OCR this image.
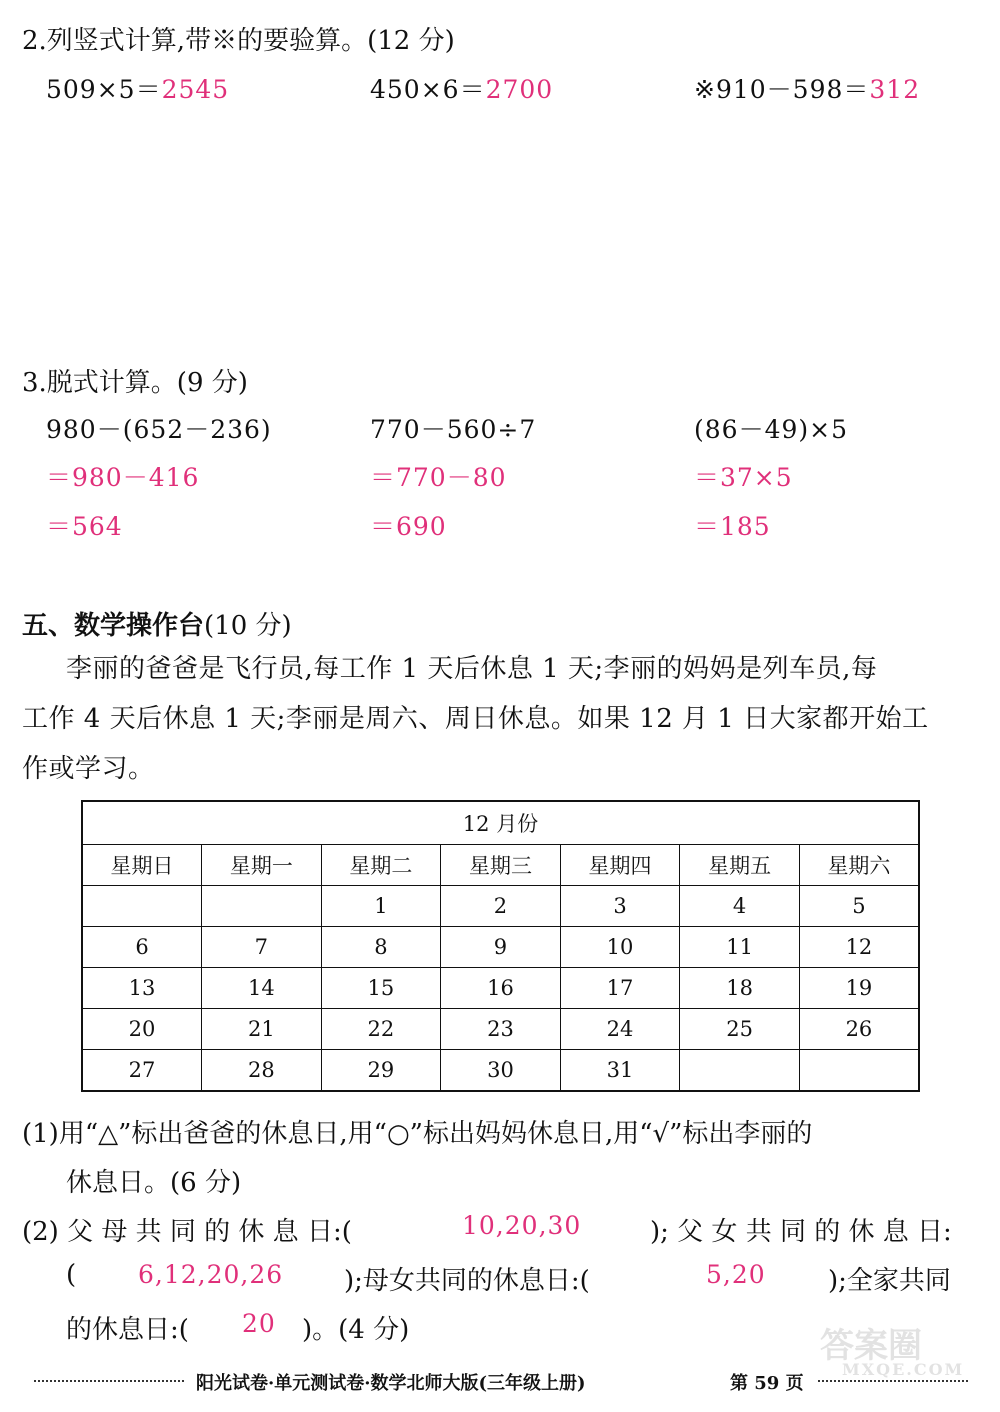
2.列竖式计算,带※的要验算。(12 分)
509×5＝2545	450×6＝2700	※910－598＝312
3.脱式计算。(9 分)
980－(652－236)
＝980－416
＝564
770－560÷7
＝770－80
＝690
(86－49)×5
＝37×5
＝185
五、数学操作台(10 分)
李丽的爸爸是飞行员,每工作 1 天后休息 1 天;李丽的妈妈是列车员,每
工作 4 天后休息 1 天;李丽是周六、周日休息。如果 12 月 1 日大家都开始工
作或学习。
12 月份						
星期日	星期一	星期二	星期三	星期四	星期五	星期六
		1	2	3	4	5
6	7	8	9	10	11	12
13	14	15	16	17	18	19
20	21	22	23	24	25	26
27	28	29	30	31		
(1)用“△”标出爸爸的休息日,用“○”标出妈妈休息日,用“√”标出李丽的
休息日。(6 分)
(2) 父 母 共 同 的 休 息 日:(	10,20,30	); 父 女 共 同 的 休 息 日:
( 6,12,20,26 );母女共同的休息日:(	5,20 );全家共同
的休息日:( 20 )。(4 分)	答案圈
MXQE.COM
阳光试卷·单元测试卷·数学北师大版(三年级上册)	第 59 页
